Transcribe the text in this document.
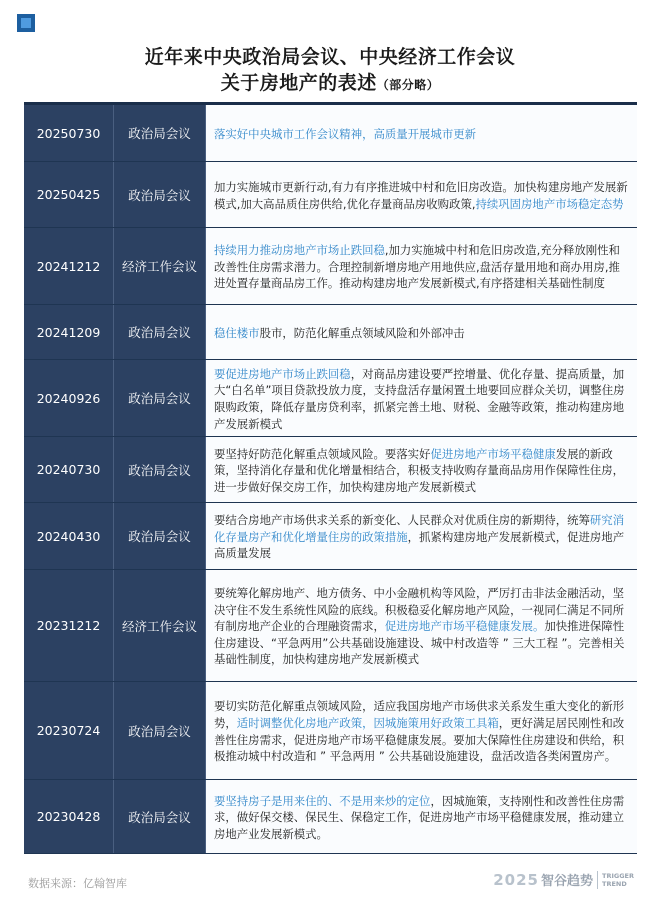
近年来中央政治局会议、中央经济工作会议
关于房地产的表述（部分略）
20250730	政治局会议	落实好中央城市工作会议精神，高质量开展城市更新
20250425	政治局会议
加力实施城市更新行动,有力有序推进城中村和危旧房改造。加快构建房地产发展新模式,加大高品质住房供给,优化存量商品房收购政策,持续巩固房地产市场稳定态势
20241212	经济工作会议
持续用力推动房地产市场止跌回稳,加力实施城中村和危旧房改造,充分释放刚性和改善性住房需求潜力。合理控制新增房地产用地供应,盘活存量用地和商办用房,推进处置存量商品房工作。推动构建房地产发展新模式,有序搭建相关基础性制度
20241209	政治局会议	稳住楼市股市，防范化解重点领域风险和外部冲击
20240926	政治局会议
要促进房地产市场止跌回稳，对商品房建设要严控增量、优化存量、提高质量，加大“白名单”项目贷款投放力度，支持盘活存量闲置土地要回应群众关切，调整住房限购政策，降低存量房贷利率，抓紧完善土地、财税、金融等政策，推动构建房地产发展新模式
20240730	政治局会议
要坚持好防范化解重点领域风险。要落实好促进房地产市场平稳健康发展的新政策，坚持消化存量和优化增量相结合，积极支持收购存量商品房用作保障性住房，进一步做好保交房工作，加快构建房地产发展新模式
20240430	政治局会议
要结合房地产市场供求关系的新变化、人民群众对优质住房的新期待，统筹研究消化存量房产和优化增量住房的政策措施，抓紧构建房地产发展新模式，促进房地产高质量发展
20231212	经济工作会议
要统筹化解房地产、地方债务、中小金融机构等风险，严厉打击非法金融活动，坚决守住不发生系统性风险的底线。积极稳妥化解房地产风险，一视同仁满足不同所有制房地产企业的合理融资需求，促进房地产市场平稳健康发展。加快推进保障性住房建设、“平急两用”公共基础设施建设、城中村改造等 ” 三大工程 ”。完善相关基础性制度，加快构建房地产发展新模式
20230724	政治局会议
要切实防范化解重点领域风险，适应我国房地产市场供求关系发生重大变化的新形势，适时调整优化房地产政策，因城施策用好政策工具箱，更好满足居民刚性和改善性住房需求，促进房地产市场平稳健康发展。要加大保障性住房建设和供给，积极推动城中村改造和 ” 平急两用 ” 公共基础设施建设，盘活改造各类闲置房产。
20230428	政治局会议
要坚持房子是用来住的、不是用来炒的定位，因城施策，支持刚性和改善性住房需求，做好保交楼、保民生、保稳定工作，促进房地产市场平稳健康发展，推动建立房地产业发展新模式。
数据来源：亿翰智库	2025 智谷趋势 TRIGGER
TREND
